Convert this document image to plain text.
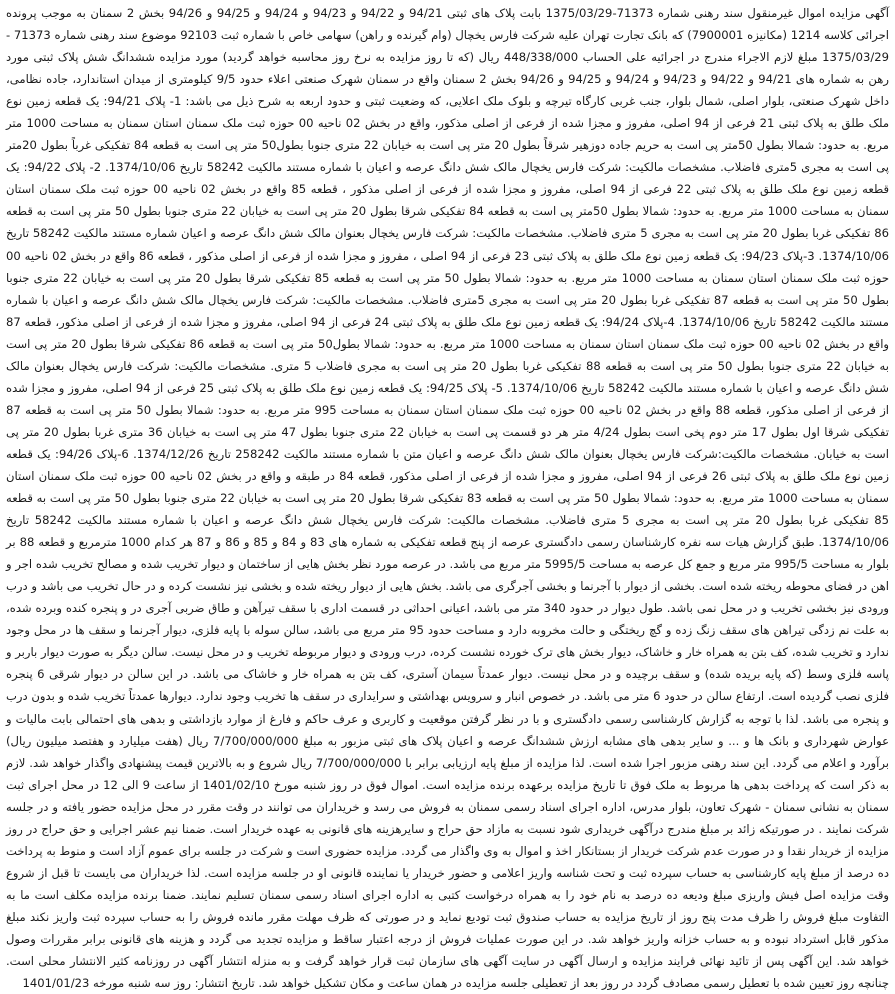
آگهی مزایده اموال غیرمنقول سند رهنی شماره 71373-1375/03/29 بابت پلاک های ثبتی 94/21 و 94/22 و 94/23 و 94/24 و 94/25 و 94/26 بخش 2 سمنان به موجب پرونده اجرائی کلاسه 1214 (مکانیزه 7900001) که بانک تجارت تهران علیه شرکت فارس یخچال (وام گیرنده و راهن) سهامی خاص با شماره ثبت 92103 موضوع سند رهنی شماره 71373 - 1375/03/29 مبلغ لازم الاجراء مندرج در اجرائیه علی الحساب 448/338/000 ریال (که تا روز مزایده به نرخ روز محاسبه خواهد گردید) مورد مزایده ششدانگ شش پلاک ثبتی مورد رهن به شماره های 94/21 و 94/22 و 94/23 و 94/24 و 94/25 و 94/26 بخش 2 سمنان واقع در سمنان شهرک صنعتی اعلاء حدود 9/5 کیلومتری از میدان استاندارد، جاده نظامی، داخل شهرک صنعتی، بلوار اصلی، شمال بلوار، جنب غربی کارگاه تیرچه و بلوک ملک اعلایی، که وضعیت ثبتی و حدود اربعه به شرح ذیل می باشد: 1- پلاک 94/21: یک قطعه زمین نوع ملک طلق به پلاک ثبتی 21 فرعی از 94 اصلی، مفروز و مجزا شده از فرعی از اصلی مذکور، واقع در بخش 02 ناحیه 00 حوزه ثبت ملک سمنان استان سمنان به مساحت 1000 متر مربع. به حدود: شمالا بطول 50متر پی است به حریم جاده دوزهیر شرقاً بطول 20 متر پی است به خیابان 22 متری جنوبا بطول50 متر پی است به قطعه 84 تفکیکی غرباً بطول 20متر پی است به مجری 5متری فاضلاب. مشخصات مالکیت: شرکت فارس یخچال مالک شش دانگ عرصه و اعیان با شماره مستند مالکیت 58242 تاریخ 1374/10/06. 2- پلاک 94/22: یک قطعه زمین نوع ملک طلق به پلاک ثبتی 22 فرعی از 94 اصلی، مفروز و مجزا شده از فرعی از اصلی مذکور ، قطعه 85 واقع در بخش 02 ناحیه 00 حوزه ثبت ملک سمنان استان سمنان به مساحت 1000 متر مربع. به حدود: شمالا بطول 50متر پی است به قطعه 84 تفکیکی شرقا بطول 20 متر پی است به خیابان 22 متری جنوبا بطول 50 متر پی است به قطعه 86 تفکیکی غربا بطول 20 متر پی است به مجری 5 متری فاضلاب. مشخصات مالکیت: شرکت فارس یخچال بعنوان مالک شش دانگ عرصه و اعیان شماره مستند مالکیت 58242 تاریخ 1374/10/06. 3-پلاک 94/23: یک قطعه زمین نوع ملک طلق به پلاک ثبتی 23 فرعی از 94 اصلی ، مفروز و مجزا شده از فرعی از اصلی مذکور ، قطعه 86 واقع در بخش 02 ناحیه 00 حوزه ثبت ملک سمنان استان سمنان به مساحت 1000 متر مربع. به حدود: شمالا بطول 50 متر پی است به قطعه 85 تفکیکی شرقا بطول 20 متر پی است به خیابان 22 متری جنوبا بطول 50 متر پی است به قطعه 87 تفکیکی غربا بطول 20 متر پی است به مجری 5متری فاضلاب. مشخصات مالکیت: شرکت فارس یخچال مالک شش دانگ عرصه و اعیان با شماره مستند مالکیت 58242 تاریخ 1374/10/06. 4-پلاک 94/24: یک قطعه زمین نوع ملک طلق به پلاک ثبتی 24 فرعی از 94 اصلی، مفروز و مجزا شده از فرعی از اصلی مذکور، قطعه 87 واقع در بخش 02 ناحیه 00 حوزه ثبت ملک سمنان استان سمنان به مساحت 1000 متر مربع. به حدود: شمالا بطول50 متر پی است به قطعه 86 تفکیکی شرقا بطول 20 متر پی است به خیابان 22 متری جنوبا بطول 50 متر پی است به قطعه 88 تفکیکی غربا بطول 20 متر پی است به مجری فاضلاب 5 متری. مشخصات مالکیت: شرکت فارس یخچال بعنوان مالک شش دانگ عرصه و اعیان با شماره مستند مالکیت 58242 تاریخ 1374/10/06. 5- پلاک 94/25: یک قطعه زمین نوع ملک طلق به پلاک ثبتی 25 فرعی از 94 اصلی، مفروز و مجزا شده از فرعی از اصلی مذکور، قطعه 88 واقع در بخش 02 ناحیه 00 حوزه ثبت ملک سمنان استان سمنان به مساحت 995 متر مربع. به حدود: شمالا بطول 50 متر پی است به قطعه 87 تفکیکی شرقا اول بطول 17 متر دوم پخی است بطول 4/24 متر هر دو قسمت پی است به خیابان 22 متری جنوبا بطول 47 متر پی است به خیابان 36 متری غربا بطول 20 متر پی است به خیابان. مشخصات مالکیت:شرکت فارس یخچال بعنوان مالک شش دانگ عرصه و اعیان متن با شماره مستند مالکیت 258242 تاریخ 1374/12/26. 6-پلاک 94/26: یک قطعه زمین نوع ملک طلق به پلاک ثبتی 26 فرعی از 94 اصلی، مفروز و مجزا شده از فرعی از اصلی مذکور، قطعه 84 در طبقه و واقع در بخش 02 ناحیه 00 حوزه ثبت ملک سمنان استان سمنان به مساحت 1000 متر مربع. به حدود: شمالا بطول 50 متر پی است به قطعه 83 تفکیکی شرقا بطول 20 متر پی است به خیابان 22 متری جنوبا بطول 50 متر پی است به قطعه 85 تفکیکی غربا بطول 20 متر پی است به مجری 5 متری فاضلاب. مشخصات مالکیت: شرکت فارس یخچال شش دانگ عرصه و اعیان با شماره مستند مالکیت 58242 تاریخ 1374/10/06. طبق گزارش هیات سه نفره کارشناسان رسمی دادگستری عرصه از پنج قطعه تفکیکی به شماره های 83 و 84 و 85 و 86 و 87 هر کدام 1000 مترمربع و قطعه 88 بر بلوار به مساحت 995/5 متر مربع و جمع کل عرصه به مساحت 5995/5 متر مربع می باشد. در عرصه مورد نظر بخش هایی از ساختمان و دیوار تخریب شده و مصالح تخریب شده اجر و اهن در فضای محوطه ریخته شده است. بخشی از دیوار با آجرنما و بخشی آجرگری می باشد. بخش هایی از دیوار ریخته شده و بخشی نیز نشست کرده و در حال تخریب می باشد و درب ورودی نیز بخشی تخریب و در محل نمی باشد. طول دیوار در حدود 340 متر می باشد، اعیانی احداثی در قسمت اداری با سقف تیرآهن و طاق ضربی آجری در و پنجره کنده وبرده شده، به علت نم زدگی تیراهن های سقف زنگ زده و گچ ریختگی و حالت مخروبه دارد و مساحت حدود 95 متر مربع می باشد، سالن سوله با پایه فلزی، دیوار آجرنما و سقف ها در محل وجود ندارد و تخریب شده، کف بتن به همراه خار و خاشاک، دیوار بخش های ترک خورده نشست کرده، درب ورودی و دیوار مربوطه تخریب و در محل نیست. سالن دیگر به صورت دیوار باربر و پاسه فلزی وسط (که پایه بریده شده) و سقف برچیده و در محل نیست. دیوار عمدتاً سیمان آستری، کف بتن به همراه خار و خاشاک می باشد. در این سالن در دیوار شرقی 6 پنجره فلزی نصب گردیده است. ارتفاع سالن در حدود 6 متر می باشد. در خصوص انبار و سرویس بهداشتی و سرایداری در سقف ها تخریب وجود ندارد. دیوارها عمدتاً تخریب شده و بدون درب و پنجره می باشد. لذا با توجه به گزارش کارشناسی رسمی دادگستری و با در نظر گرفتن موقعیت و کاربری و عرف حاکم و فارغ از موارد بازداشتی و بدهی های احتمالی بابت مالیات و عوارض شهرداری و بانک ها و ... و سایر بدهی های مشابه ارزش ششدانگ عرصه و اعیان پلاک های ثبتی مزبور به مبلغ 7/700/000/000 ریال (هفت میلیارد و هفتصد میلیون ریال) برآورد و اعلام می گردد. این سند رهنی مزبور اجرا شده است. لذا مزایده از مبلغ پایه ارزیابی برابر با 7/700/000/000 ریال شروع و به بالاترین قیمت پیشنهادی واگذار خواهد شد. لازم به ذکر است که پرداخت بدهی ها مربوط به ملک فوق تا تاریخ مزایده برعهده برنده مزایده است. اموال فوق در روز شنبه مورخ 1401/02/10 از ساعت 9 الی 12 در محل اجرای ثبت سمنان به نشانی سمنان - شهرک تعاون، بلوار مدرس، اداره اجرای اسناد رسمی سمنان به فروش می رسد و خریداران می توانند در وقت مقرر در محل مزایده حضور یافته و در جلسه شرکت نمایند . در صورتیکه زائد بر مبلغ مندرج درآگهی خریداری شود نسبت به مازاد حق حراج و سایرهزینه های قانونی به عهده خریدار است. ضمنا نیم عشر اجرایی و حق حراج در روز مزایده از خریدار نقدا و در صورت عدم شرکت خریدار از بستانکار اخذ و اموال به وی واگذار می گردد. مزایده حضوری است و شرکت در جلسه برای عموم آزاد است و منوط به پرداخت ده درصد از مبلغ پایه کارشناسی به حساب سپرده ثبت و تحت شناسه واریز اعلامی و حضور خریدار یا نماینده قانونی او در جلسه مزایده است. لذا خریداران می بایست تا قبل از شروع وقت مزایده اصل فیش واریزی مبلغ ودیعه ده درصد به نام خود را به همراه درخواست کتبی به اداره اجرای اسناد رسمی سمنان تسلیم نمایند. ضمنا برنده مزایده مکلف است ما به التفاوت مبلغ فروش را ظرف مدت پنج روز از تاریخ مزایده به حساب صندوق ثبت تودیع نماید و در صورتی که ظرف مهلت مقرر مانده فروش را به حساب سپرده ثبت واریز نکند مبلغ مذکور قابل استرداد نبوده و به حساب خزانه واریز خواهد شد. در این صورت عملیات فروش از درجه اعتبار ساقط و مزایده تجدید می گردد و هزینه های قانونی برابر مقررات وصول خواهد شد. این آگهی پس از تائید نهائی فرایند مزایده و ارسال آگهی در سایت آگهی های سازمان ثبت قرار خواهد گرفت و به منزله انتشار آگهی در روزنامه کثیر الانتشار محلی است. چنانچه روز تعیین شده با تعطیل رسمی مصادف گردد در روز بعد از تعطیلی جلسه مزایده در همان ساعت و مکان تشکیل خواهد شد. تاریخ انتشار: روز سه شنبه مورخه 1401/01/23
